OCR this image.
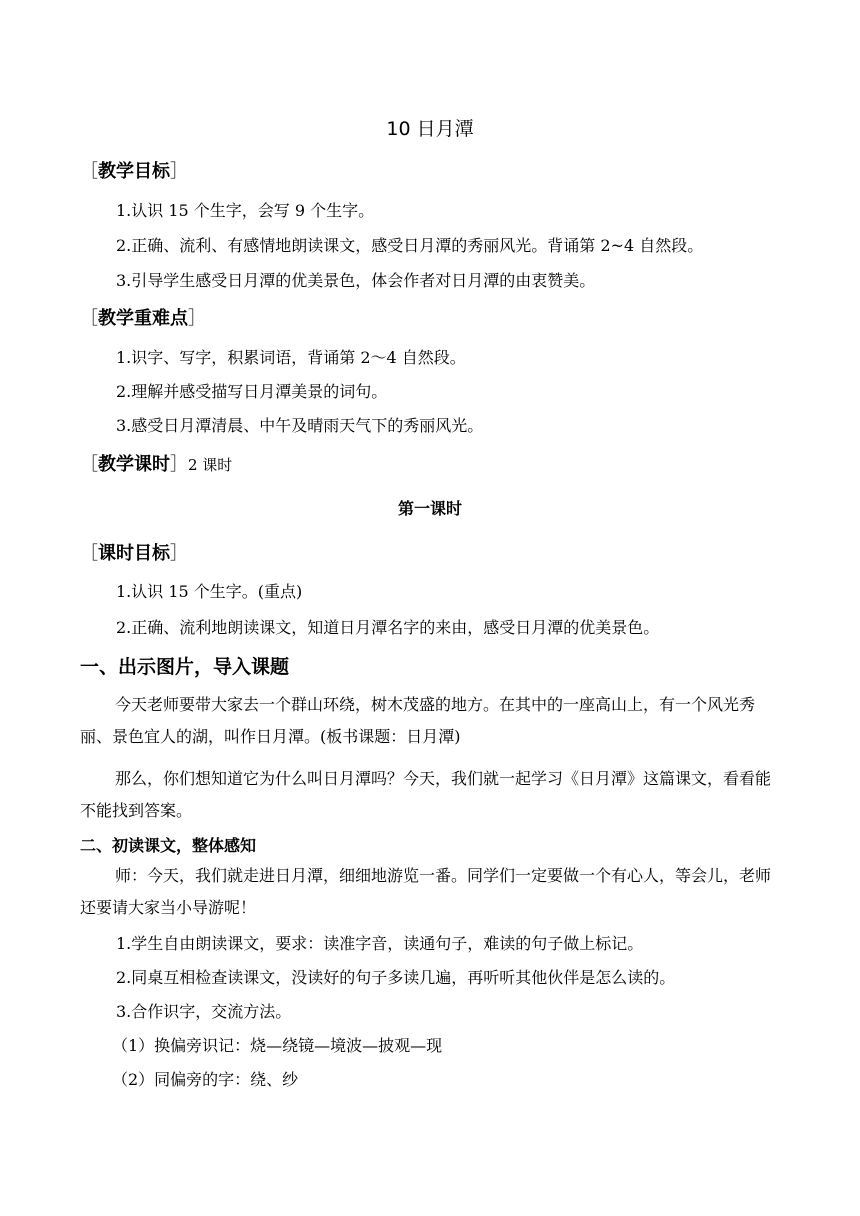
10 日月潭
［教学目标］
1.认识 15 个生字，会写 9 个生字。
2.正确、流利、有感情地朗读课文，感受日月潭的秀丽风光。背诵第 2~4 自然段。
3.引导学生感受日月潭的优美景色，体会作者对日月潭的由衷赞美。
［教学重难点］
1.识字、写字，积累词语，背诵第 2～4 自然段。
2.理解并感受描写日月潭美景的词句。
3.感受日月潭清晨、中午及晴雨天气下的秀丽风光。
［教学课时］2 课时
第一课时
［课时目标］
1.认识 15 个生字。(重点)
2.正确、流利地朗读课文，知道日月潭名字的来由，感受日月潭的优美景色。
一、出示图片，导入课题
今天老师要带大家去一个群山环绕，树木茂盛的地方。在其中的一座高山上，有一个风光秀丽、景色宜人的湖，叫作日月潭。(板书课题：日月潭)
那么，你们想知道它为什么叫日月潭吗？今天，我们就一起学习《日月潭》这篇课文，看看能不能找到答案。
二、初读课文，整体感知
师：今天，我们就走进日月潭，细细地游览一番。同学们一定要做一个有心人，等会儿，老师还要请大家当小导游呢！
1.学生自由朗读课文，要求：读准字音，读通句子，难读的句子做上标记。
2.同桌互相检查读课文，没读好的句子多读几遍，再听听其他伙伴是怎么读的。
3.合作识字，交流方法。
（1）换偏旁识记：烧—绕镜—境波—披观—现
（2）同偏旁的字：绕、纱
